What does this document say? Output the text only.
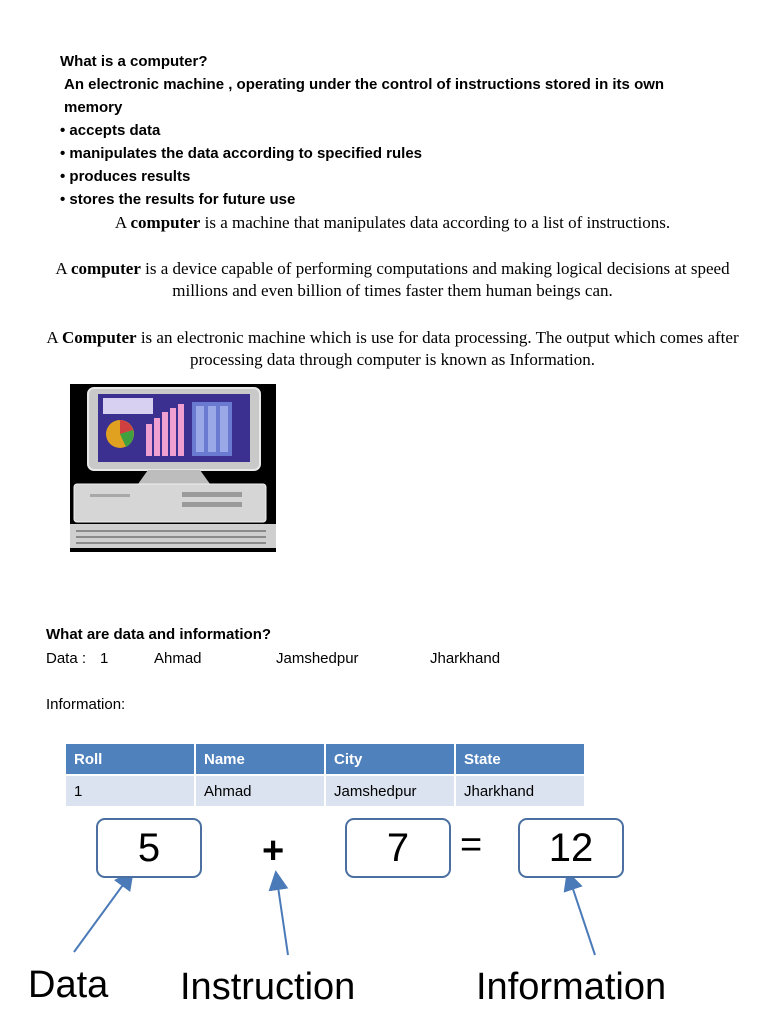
What is a computer?
An electronic machine , operating under the control of instructions stored in its own memory
• accepts data
• manipulates the data according to specified rules
• produces results
• stores the results for future use
A computer is a machine that manipulates data according to a list of instructions.
A computer is a device capable of performing computations and making logical decisions at speed millions and even billion of times faster them human beings can.
A Computer is an electronic machine which is use for data processing. The output which comes after processing data through computer is known as Information.
What are data and information?
Data : 1	Ahmad	Jamshedpur	Jharkhand
Information:
Roll	Name	City	State
1	Ahmad	Jamshedpur	Jharkhand
5	+	7	=	12
Data Instruction	Information
